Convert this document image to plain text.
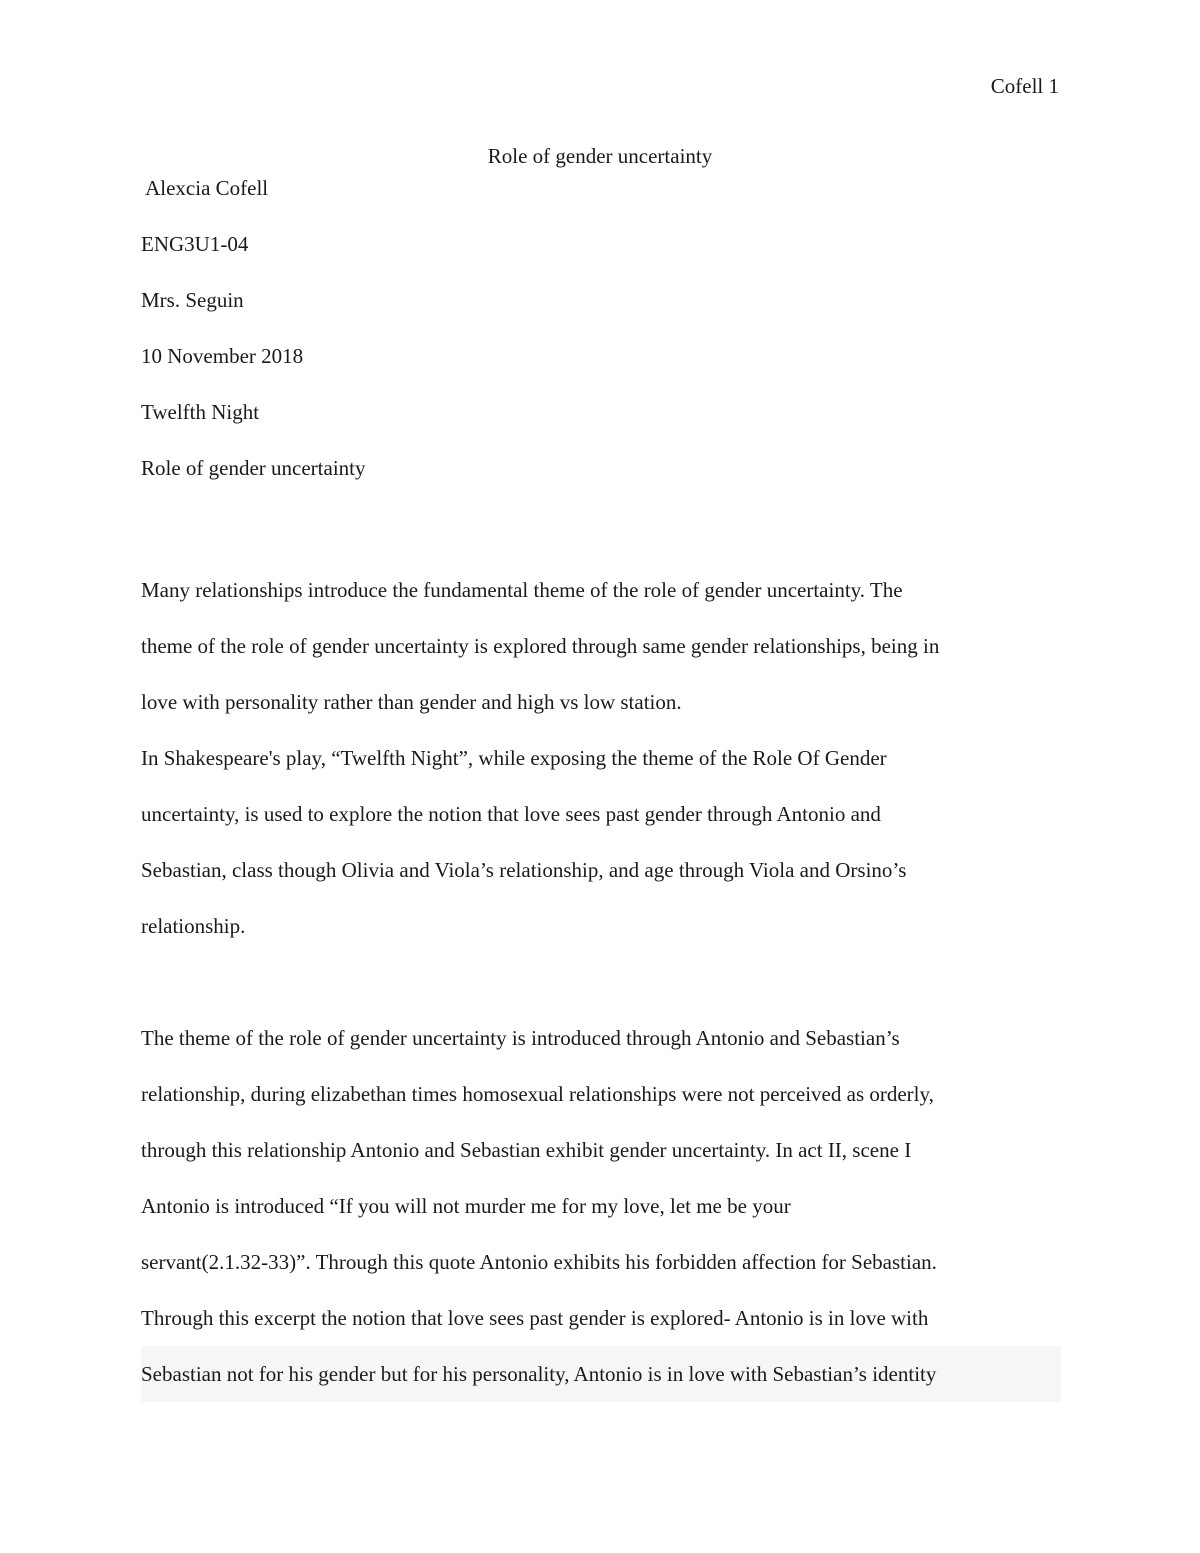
Cofell 1
Role of gender uncertainty
Alexcia Cofell
ENG3U1-04
Mrs. Seguin
10 November 2018
Twelfth Night
Role of gender uncertainty

Many relationships introduce the fundamental theme of the role of gender uncertainty. The

theme of the role of gender uncertainty is explored through same gender relationships, being in

love with personality rather than gender and high vs low station.

In Shakespeare's play, “Twelfth Night”, while exposing the theme of the Role Of Gender

uncertainty, is used to explore the notion that love sees past gender through Antonio and

Sebastian, class though Olivia and Viola’s relationship, and age through Viola and Orsino’s

relationship.

The theme of the role of gender uncertainty is introduced through Antonio and Sebastian’s

relationship, during elizabethan times homosexual relationships were not perceived as orderly,

through this relationship Antonio and Sebastian exhibit gender uncertainty. In act II, scene I

Antonio is introduced “If you will not murder me for my love, let me be your

servant(2.1.32-33)”. Through this quote Antonio exhibits his forbidden affection for Sebastian.

Through this excerpt the notion that love sees past gender is explored- Antonio is in love with

Sebastian not for his gender but for his personality, Antonio is in love with Sebastian’s identity
